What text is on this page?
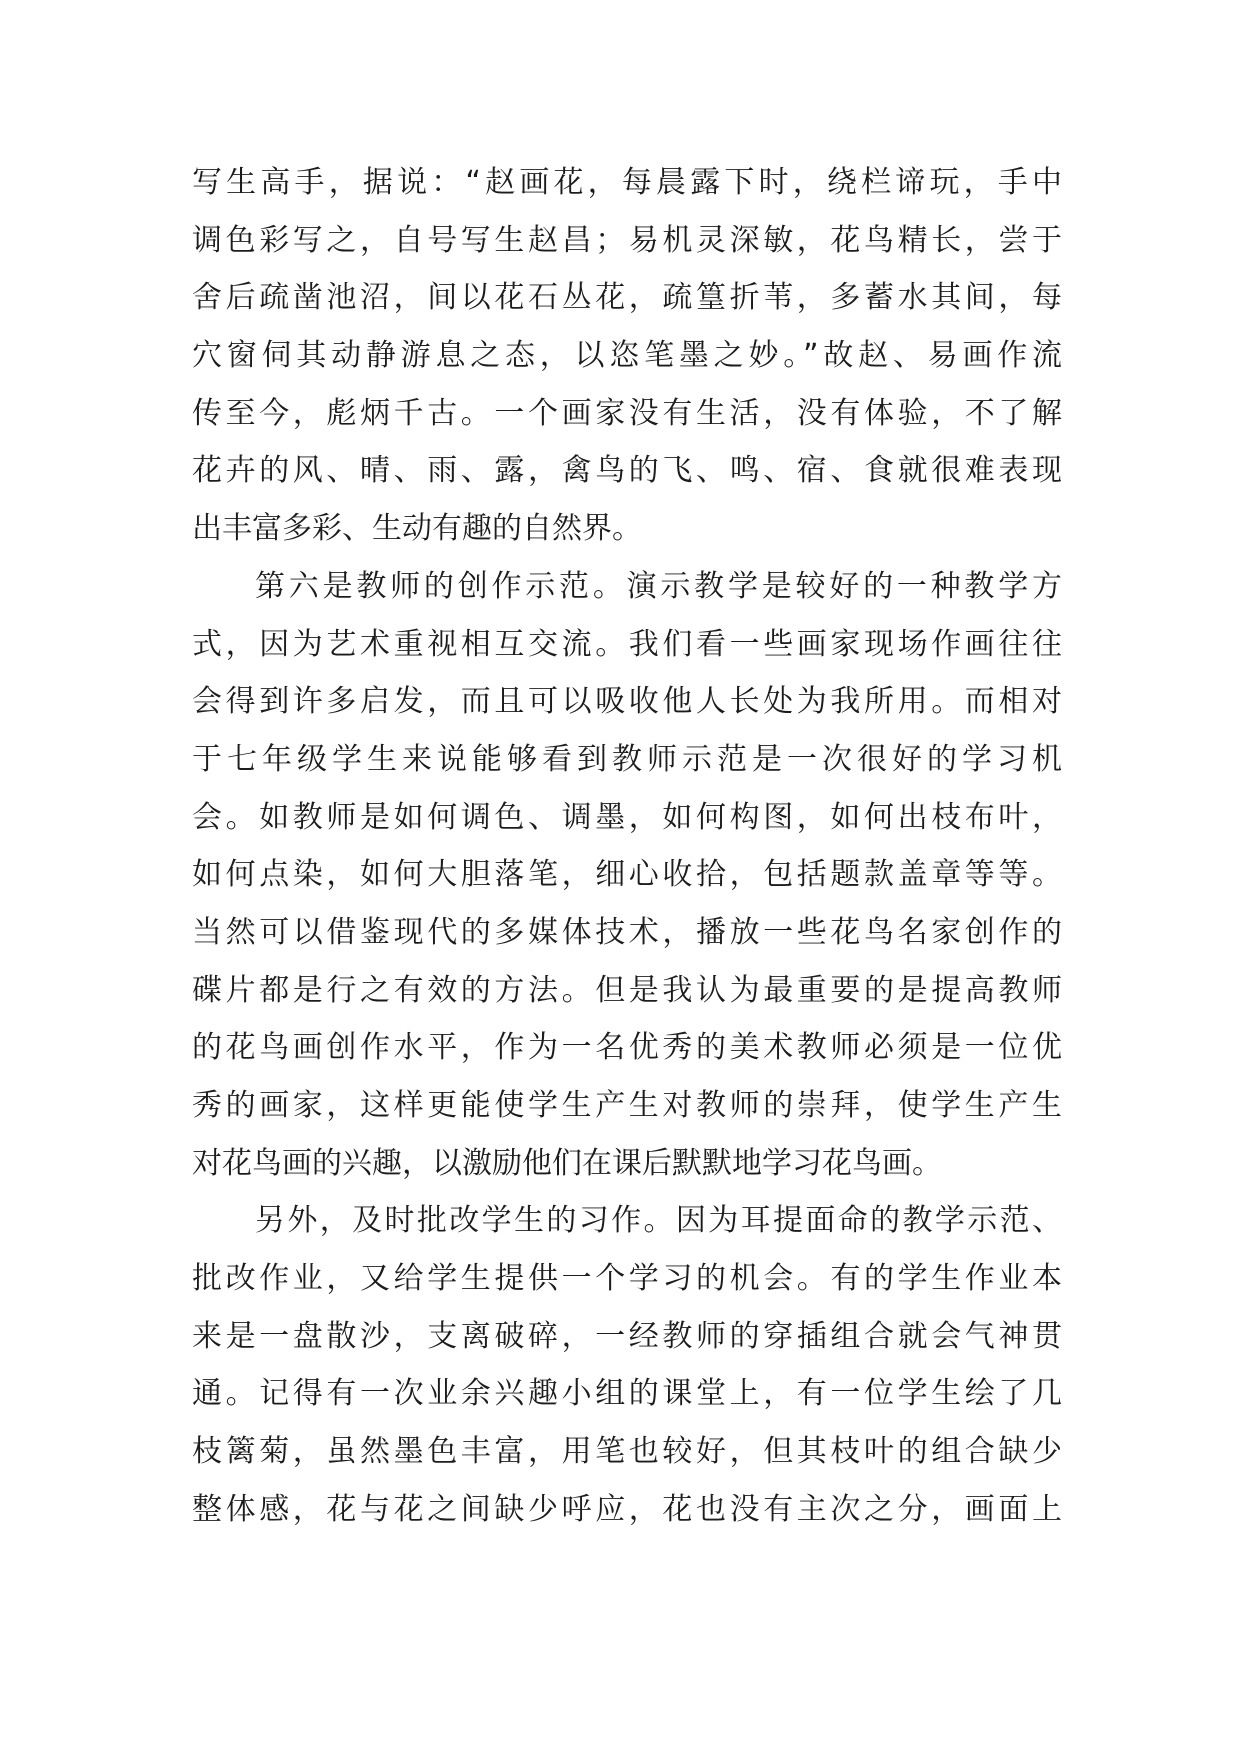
写生高手，据说：“赵画花，每晨露下时，绕栏谛玩，手中
调色彩写之，自号写生赵昌；易机灵深敏，花鸟精长，尝于
舍后疏凿池沼，间以花石丛花，疏篁折苇，多蓄水其间，每
穴窗伺其动静游息之态，以恣笔墨之妙。”故赵、易画作流
传至今，彪炳千古。一个画家没有生活，没有体验，不了解
花卉的风、晴、雨、露，禽鸟的飞、鸣、宿、食就很难表现
出丰富多彩、生动有趣的自然界。
第六是教师的创作示范。演示教学是较好的一种教学方
式，因为艺术重视相互交流。我们看一些画家现场作画往往
会得到许多启发，而且可以吸收他人长处为我所用。而相对
于七年级学生来说能够看到教师示范是一次很好的学习机
会。如教师是如何调色、调墨，如何构图，如何出枝布叶，
如何点染，如何大胆落笔，细心收拾，包括题款盖章等等。
当然可以借鉴现代的多媒体技术，播放一些花鸟名家创作的
碟片都是行之有效的方法。但是我认为最重要的是提高教师
的花鸟画创作水平，作为一名优秀的美术教师必须是一位优
秀的画家，这样更能使学生产生对教师的崇拜，使学生产生
对花鸟画的兴趣，以激励他们在课后默默地学习花鸟画。
另外，及时批改学生的习作。因为耳提面命的教学示范、
批改作业，又给学生提供一个学习的机会。有的学生作业本
来是一盘散沙，支离破碎，一经教师的穿插组合就会气神贯
通。记得有一次业余兴趣小组的课堂上，有一位学生绘了几
枝篱菊，虽然墨色丰富，用笔也较好，但其枝叶的组合缺少
整体感，花与花之间缺少呼应，花也没有主次之分，画面上
